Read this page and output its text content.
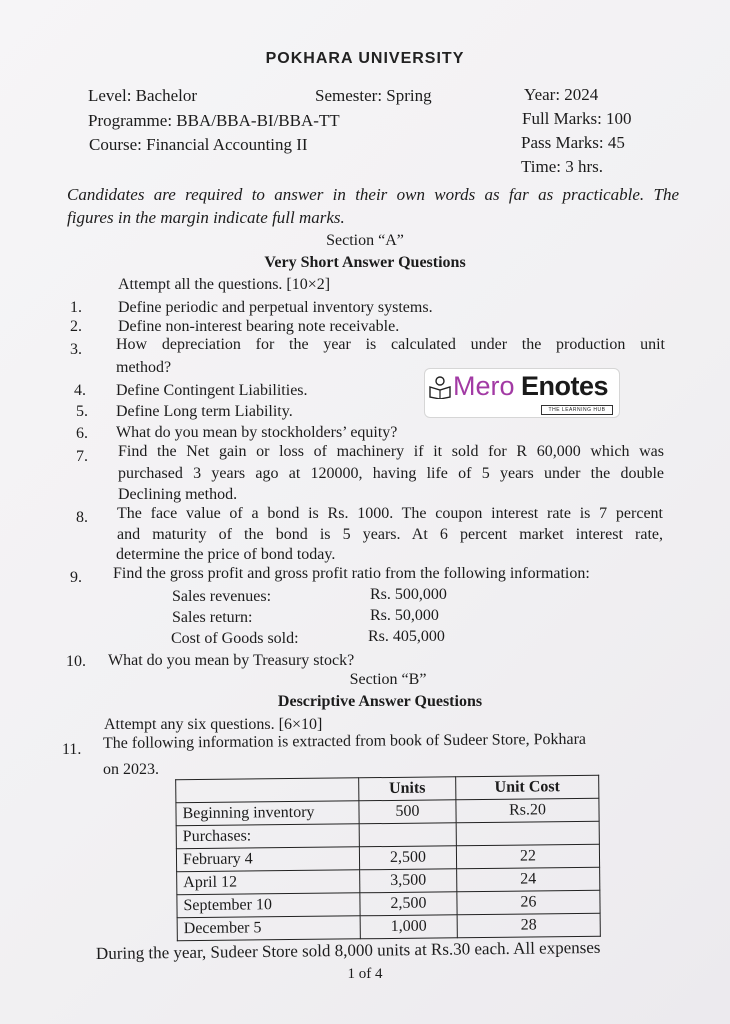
POKHARA UNIVERSITY
Level: Bachelor	Semester: Spring	Year: 2024
Programme: BBA/BBA-BI/BBA-TT	Full Marks: 100
Course: Financial Accounting II	Pass Marks: 45
Time: 3 hrs.
Candidates are required to answer in their own words as far as practicable. The
figures in the margin indicate full marks.
Section “A”
Very Short Answer Questions
Attempt all the questions. [10×2]
1. Define periodic and perpetual inventory systems.
2. Define non-interest bearing note receivable.
3. How depreciation for the year is calculated under the production unit
method?
4. Define Contingent Liabilities.
5. Define Long term Liability.
6. What do you mean by stockholders’ equity?
7. Find the Net gain or loss of machinery if it sold for R 60,000 which was
purchased 3 years ago at 120000, having life of 5 years under the double
Declining method.
8. The face value of a bond is Rs. 1000. The coupon interest rate is 7 percent
and maturity of the bond is 5 years. At 6 percent market interest rate,
determine the price of bond today.
9. Find the gross profit and gross profit ratio from the following information:
Sales revenues:	Rs. 500,000
Sales return:	Rs. 50,000
Cost of Goods sold:	Rs. 405,000
10. What do you mean by Treasury stock?
Section “B”
Descriptive Answer Questions
Attempt any six questions. [6×10]
11. The following information is extracted from book of Sudeer Store, Pokhara
on 2023.
	Units	Unit Cost
Beginning inventory	500	Rs.20
Purchases:		
February 4	2,500	22
April 12	3,500	24
September 10	2,500	26
December 5	1,000	28
During the year, Sudeer Store sold 8,000 units at Rs.30 each. All expenses
1 of 4
Mero Enotes
THE LEARNING HUB
